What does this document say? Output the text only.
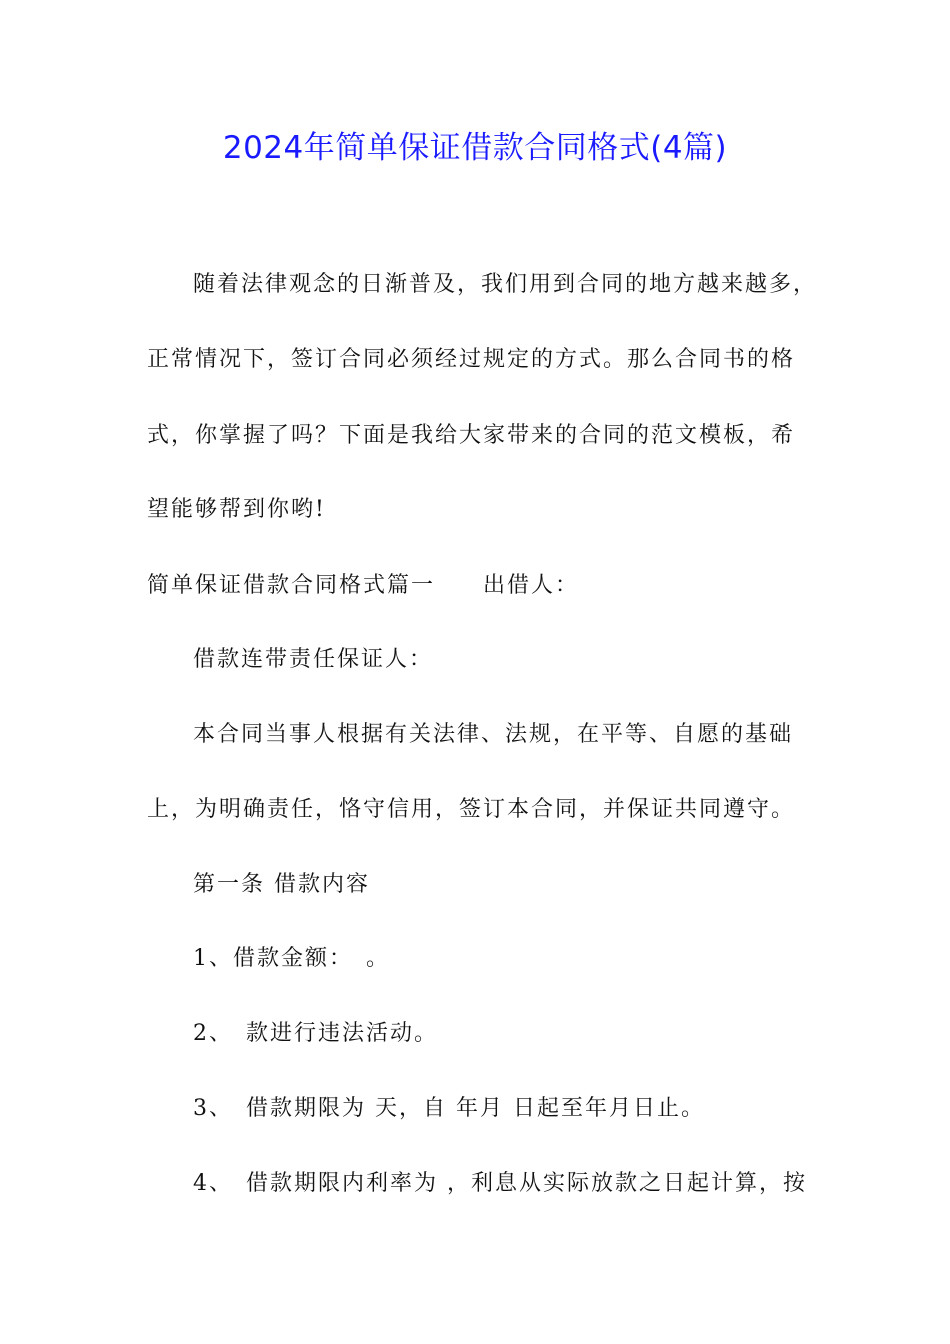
2024年简单保证借款合同格式(4篇)
随着法律观念的日渐普及，我们用到合同的地方越来越多，
正常情况下，签订合同必须经过规定的方式。那么合同书的格
式，你掌握了吗？下面是我给大家带来的合同的范文模板，希
望能够帮到你哟!
简单保证借款合同格式篇一　　出借人：
借款连带责任保证人：
本合同当事人根据有关法律、法规，在平等、自愿的基础
上，为明确责任，恪守信用，签订本合同，并保证共同遵守。
第一条 借款内容
1、借款金额：　。
2、　款进行违法活动。
3、　借款期限为 天，自 年月 日起至年月日止。
4、　借款期限内利率为 ，利息从实际放款之日起计算，按
